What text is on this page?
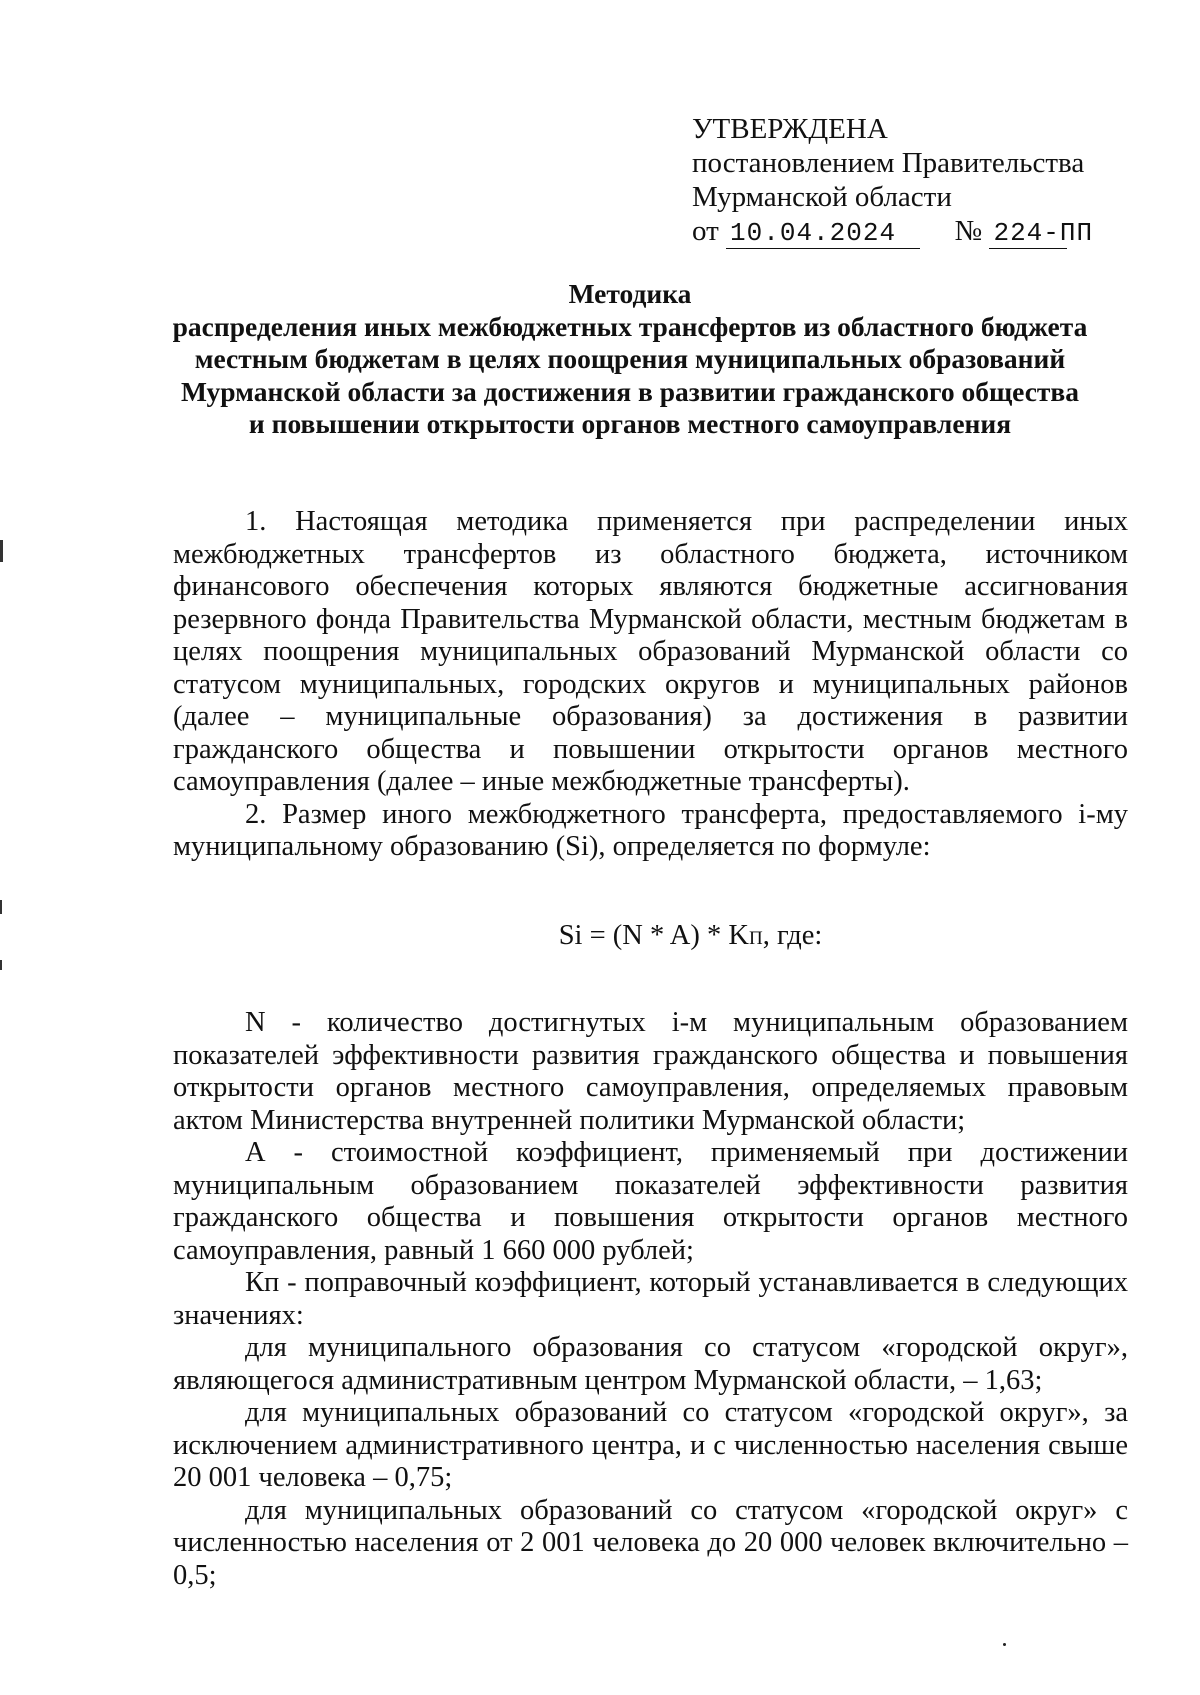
УТВЕРЖДЕНА
постановлением Правительства
Мурманской области
от 10.04.2024 № 224-ПП
Методика
распределения иных межбюджетных трансфертов из областного бюджета местным бюджетам в целях поощрения муниципальных образований Мурманской области за достижения в развитии гражданского общества и повышении открытости органов местного самоуправления

1. Настоящая методика применяется при распределении иных межбюджетных трансфертов из областного бюджета, источником финансового обеспечения которых являются бюджетные ассигнования резервного фонда Правительства Мурманской области, местным бюджетам в целях поощрения муниципальных образований Мурманской области со статусом муниципальных, городских округов и муниципальных районов (далее – муниципальные образования) за достижения в развитии гражданского общества и повышении открытости органов местного самоуправления (далее – иные межбюджетные трансферты).

2. Размер иного межбюджетного трансферта, предоставляемого i-му муниципальному образованию (Si), определяется по формуле:

Si = (N * A) * KП, где:

N - количество достигнутых i-м муниципальным образованием показателей эффективности развития гражданского общества и повышения открытости органов местного самоуправления, определяемых правовым актом Министерства внутренней политики Мурманской области;

А - стоимостной коэффициент, применяемый при достижении муниципальным образованием показателей эффективности развития гражданского общества и повышения открытости органов местного самоуправления, равный 1 660 000 рублей;

Кп - поправочный коэффициент, который устанавливается в следующих значениях:

для муниципального образования со статусом «городской округ», являющегося административным центром Мурманской области, – 1,63;

для муниципальных образований со статусом «городской округ», за исключением административного центра, и с численностью населения свыше 20 001 человека – 0,75;

для муниципальных образований со статусом «городской округ» с численностью населения от 2 001 человека до 20 000 человек включительно – 0,5;
